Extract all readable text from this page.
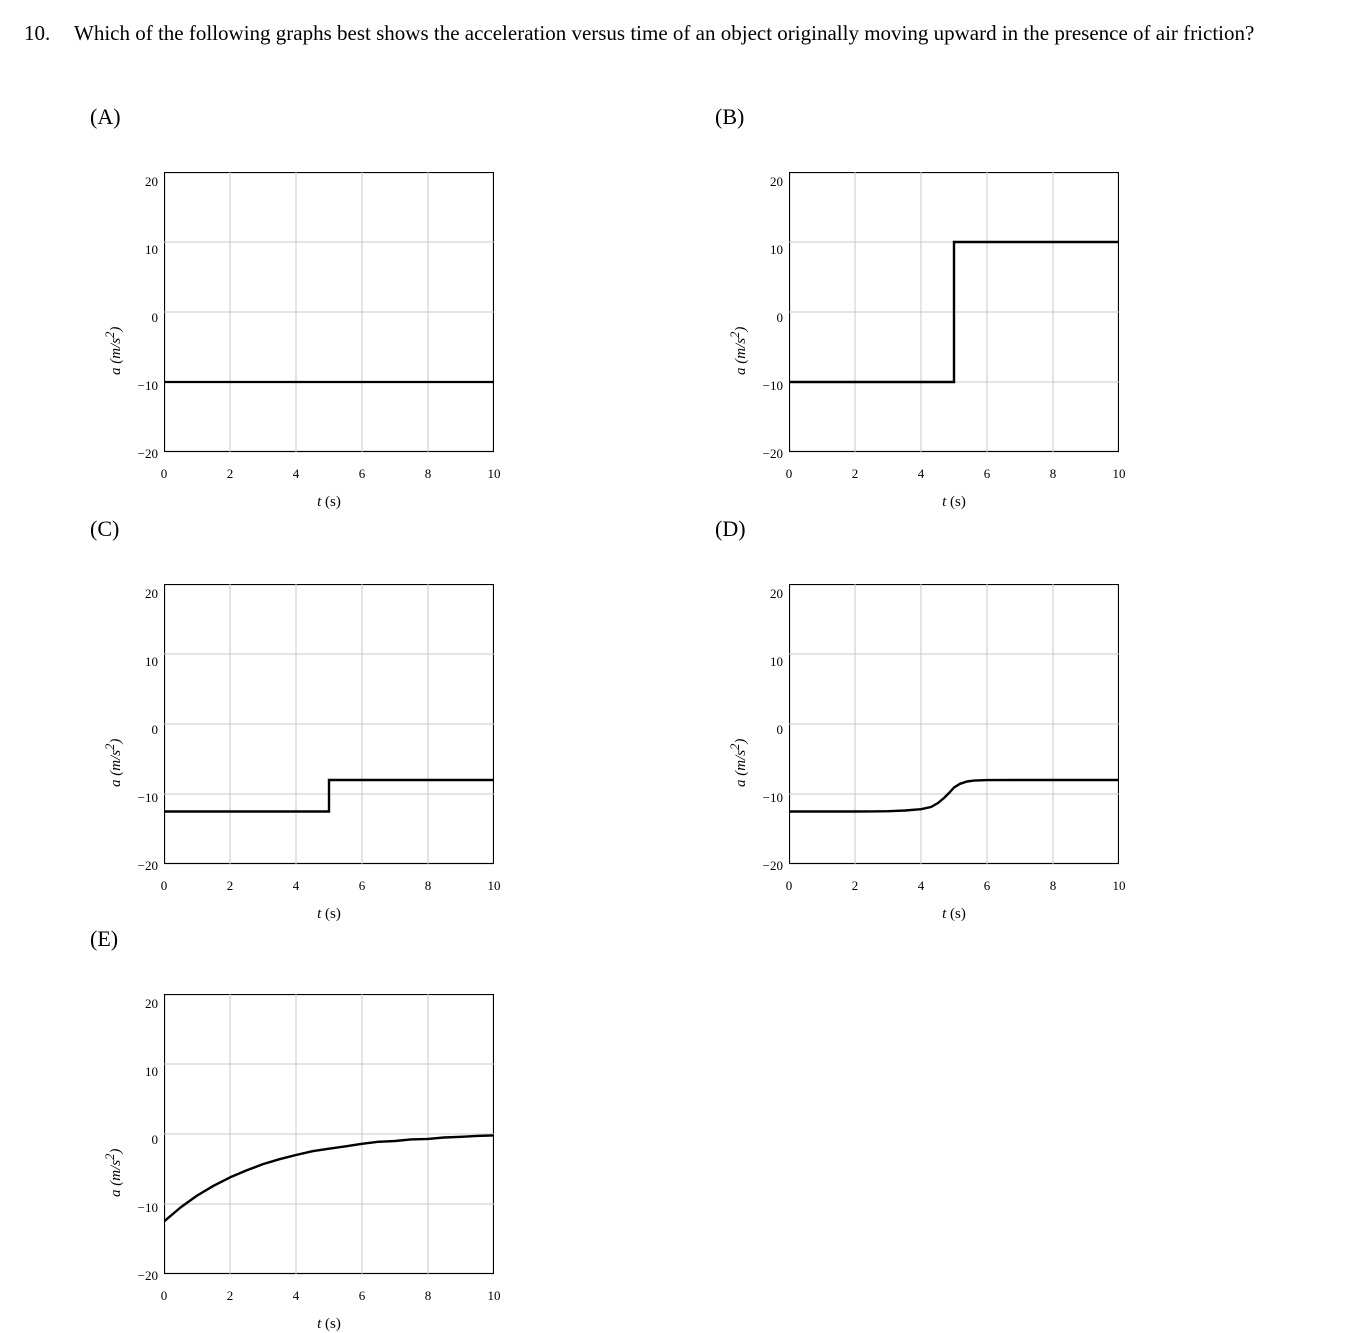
10.	Which of the following graphs best shows the acceleration versus time of an object originally moving upward in the presence of air friction?
(A)
a $(m/s^2)$
20
10
0
−10
−20
0	2	4	6	8	10
t (s)
(B)
a $(m/s^2)$
20
10
0
−10
−20
0	2	4	6	8	10
t (s)
(C)
a $(m/s^2)$
20
10
0
−10
−20
0	2	4	6	8	10
t (s)
(D)
a $(m/s^2)$
20
10
0
−10
−20
0	2	4	6	8	10
t (s)
(E)
a $(m/s^2)$
20
10
0
−10
−20
0	2	4	6	8	10
t (s)
